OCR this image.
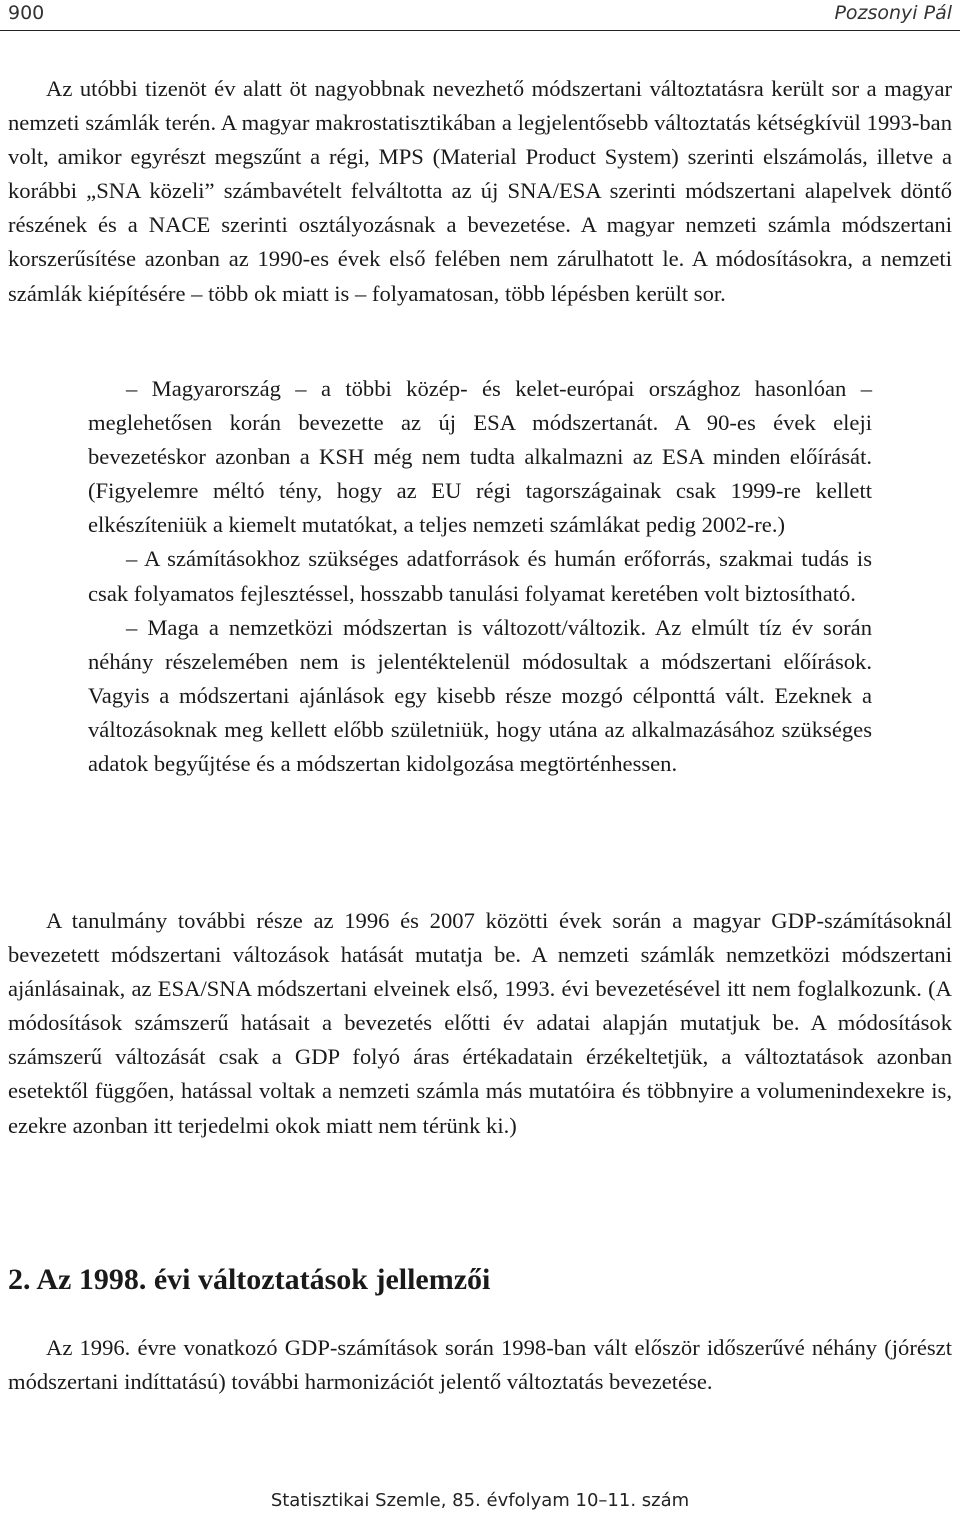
900	Pozsonyi Pál

Az utóbbi tizenöt év alatt öt nagyobbnak nevezhető módszertani változtatásra került sor a magyar nemzeti számlák terén. A magyar makrostatisztikában a legjelentősebb változtatás kétségkívül 1993-ban volt, amikor egyrészt megszűnt a régi, MPS (Material Product System) szerinti elszámolás, illetve a korábbi „SNA közeli” számbavételt felváltotta az új SNA/ESA szerinti módszertani alapelvek döntő részének és a NACE szerinti osztályozásnak a bevezetése. A magyar nemzeti számla módszertani korszerűsítése azonban az 1990-es évek első felében nem zárulhatott le. A módosításokra, a nemzeti számlák kiépítésére – több ok miatt is – folyamatosan, több lépésben került sor.

– Magyarország – a többi közép- és kelet-európai országhoz hasonlóan – meglehetősen korán bevezette az új ESA módszertanát. A 90-es évek eleji bevezetéskor azonban a KSH még nem tudta alkalmazni az ESA minden előírását. (Figyelemre méltó tény, hogy az EU régi tagországainak csak 1999-re kellett elkészíteniük a kiemelt mutatókat, a teljes nemzeti számlákat pedig 2002-re.)

– A számításokhoz szükséges adatforrások és humán erőforrás, szakmai tudás is csak folyamatos fejlesztéssel, hosszabb tanulási folyamat keretében volt biztosítható.

– Maga a nemzetközi módszertan is változott/változik. Az elmúlt tíz év során néhány részelemében nem is jelentéktelenül módosultak a módszertani előírások. Vagyis a módszertani ajánlások egy kisebb része mozgó célponttá vált. Ezeknek a változásoknak meg kellett előbb születniük, hogy utána az alkalmazásához szükséges adatok begyűjtése és a módszertan kidolgozása megtörténhessen.

A tanulmány további része az 1996 és 2007 közötti évek során a magyar GDP-számításoknál bevezetett módszertani változások hatását mutatja be. A nemzeti számlák nemzetközi módszertani ajánlásainak, az ESA/SNA módszertani elveinek első, 1993. évi bevezetésével itt nem foglalkozunk. (A módosítások számszerű hatásait a bevezetés előtti év adatai alapján mutatjuk be. A módosítások számszerű változását csak a GDP folyó áras értékadatain érzékeltetjük, a változtatások azonban esetektől függően, hatással voltak a nemzeti számla más mutatóira és többnyire a volumenindexekre is, ezekre azonban itt terjedelmi okok miatt nem térünk ki.)

2. Az 1998. évi változtatások jellemzői

Az 1996. évre vonatkozó GDP-számítások során 1998-ban vált először időszerűvé néhány (jórészt módszertani indíttatású) további harmonizációt jelentő változtatás bevezetése.

Statisztikai Szemle, 85. évfolyam 10–11. szám
